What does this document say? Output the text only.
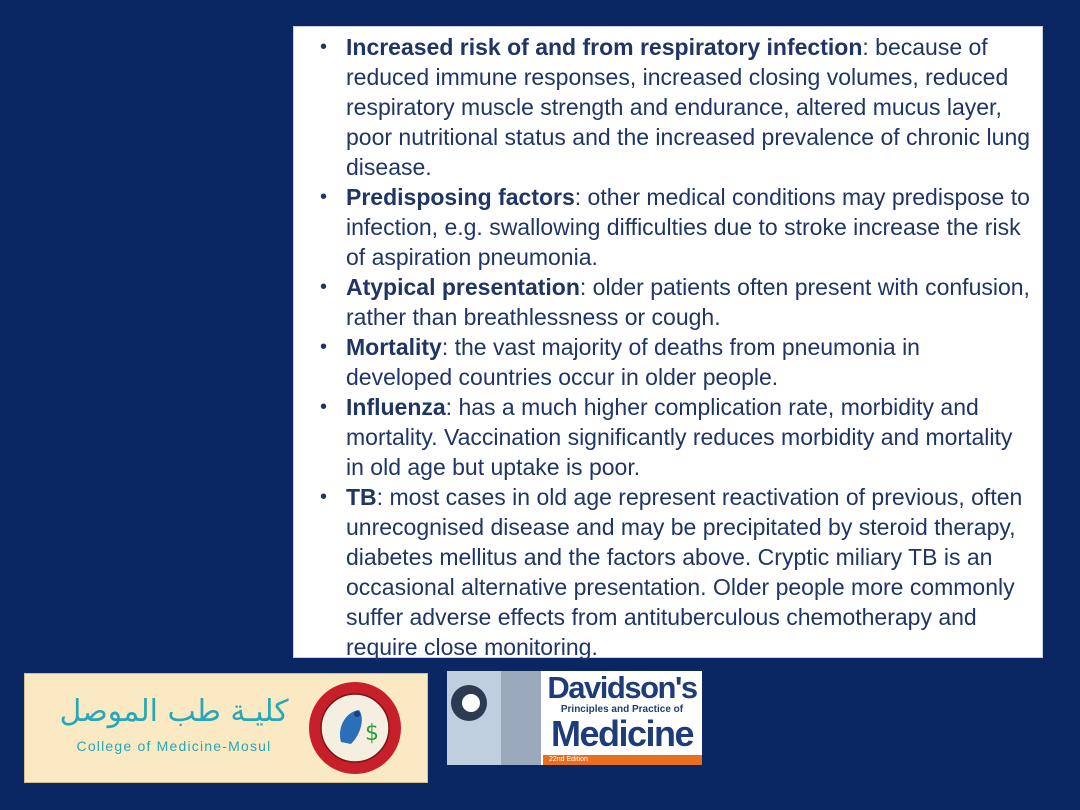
• Increased risk of and from respiratory infection: because of reduced immune responses, increased closing volumes, reduced respiratory muscle strength and endurance, altered mucus layer, poor nutritional status and the increased prevalence of chronic lung disease.
• Predisposing factors: other medical conditions may predispose to infection, e.g. swallowing difficulties due to stroke increase the risk of aspiration pneumonia.
• Atypical presentation: older patients often present with confusion, rather than breathlessness or cough.
• Mortality: the vast majority of deaths from pneumonia in developed countries occur in older people.
• Influenza: has a much higher complication rate, morbidity and mortality. Vaccination significantly reduces morbidity and mortality in old age but uptake is poor.
• TB: most cases in old age represent reactivation of previous, often unrecognised disease and may be precipitated by steroid therapy, diabetes mellitus and the factors above. Cryptic miliary TB is an occasional alternative presentation. Older people more commonly suffer adverse effects from antituberculous chemotherapy and require close monitoring.
كليـة طب الموصل
College of Medicine-Mosul	$
Davidson's
Principles and Practice of
Medicine
22nd Edition
